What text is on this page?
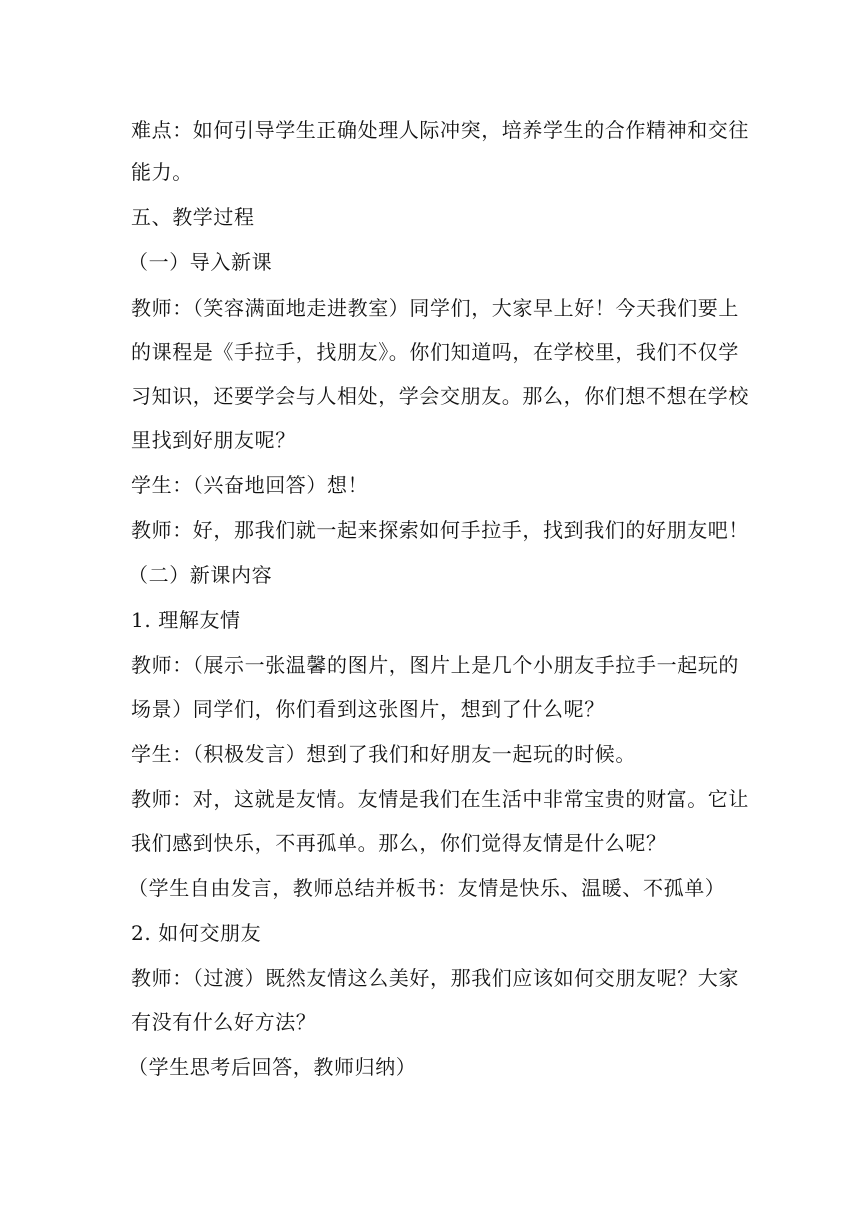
难点：如何引导学生正确处理人际冲突，培养学生的合作精神和交往
能力。
五、教学过程
（一）导入新课
教师：（笑容满面地走进教室）同学们，大家早上好！今天我们要上
的课程是《手拉手，找朋友》。你们知道吗，在学校里，我们不仅学
习知识，还要学会与人相处，学会交朋友。那么，你们想不想在学校
里找到好朋友呢？
学生：（兴奋地回答）想！
教师：好，那我们就一起来探索如何手拉手，找到我们的好朋友吧！
（二）新课内容
1. 理解友情
教师：（展示一张温馨的图片，图片上是几个小朋友手拉手一起玩的
场景）同学们，你们看到这张图片，想到了什么呢？
学生：（积极发言）想到了我们和好朋友一起玩的时候。
教师：对，这就是友情。友情是我们在生活中非常宝贵的财富。它让
我们感到快乐，不再孤单。那么，你们觉得友情是什么呢？
（学生自由发言，教师总结并板书：友情是快乐、温暖、不孤单）
2. 如何交朋友
教师：（过渡）既然友情这么美好，那我们应该如何交朋友呢？大家
有没有什么好方法？
（学生思考后回答，教师归纳）
